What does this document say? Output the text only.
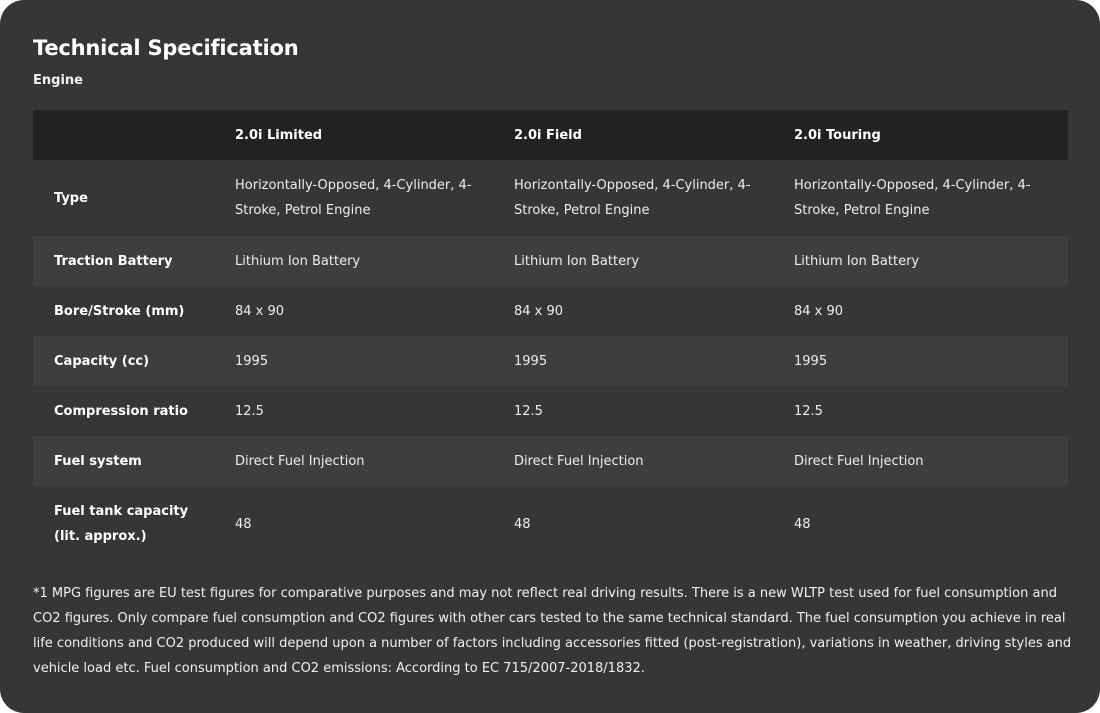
Technical Specification
Engine
	2.0i Limited	2.0i Field	2.0i Touring
Type	Horizontally-Opposed, 4-Cylinder, 4-Stroke, Petrol Engine	Horizontally-Opposed, 4-Cylinder, 4-Stroke, Petrol Engine	Horizontally-Opposed, 4-Cylinder, 4-Stroke, Petrol Engine
Traction Battery	Lithium Ion Battery	Lithium Ion Battery	Lithium Ion Battery
Bore/Stroke (mm)	84 x 90	84 x 90	84 x 90
Capacity (cc)	1995	1995	1995
Compression ratio	12.5	12.5	12.5
Fuel system	Direct Fuel Injection	Direct Fuel Injection	Direct Fuel Injection
Fuel tank capacity (lit. approx.)	48	48	48

*1 MPG figures are EU test figures for comparative purposes and may not reflect real driving results. There is a new WLTP test used for fuel consumption and CO2 figures. Only compare fuel consumption and CO2 figures with other cars tested to the same technical standard. The fuel consumption you achieve in real life conditions and CO2 produced will depend upon a number of factors including accessories fitted (post-registration), variations in weather, driving styles and vehicle load etc. Fuel consumption and CO2 emissions: According to EC 715/2007-2018/1832.
